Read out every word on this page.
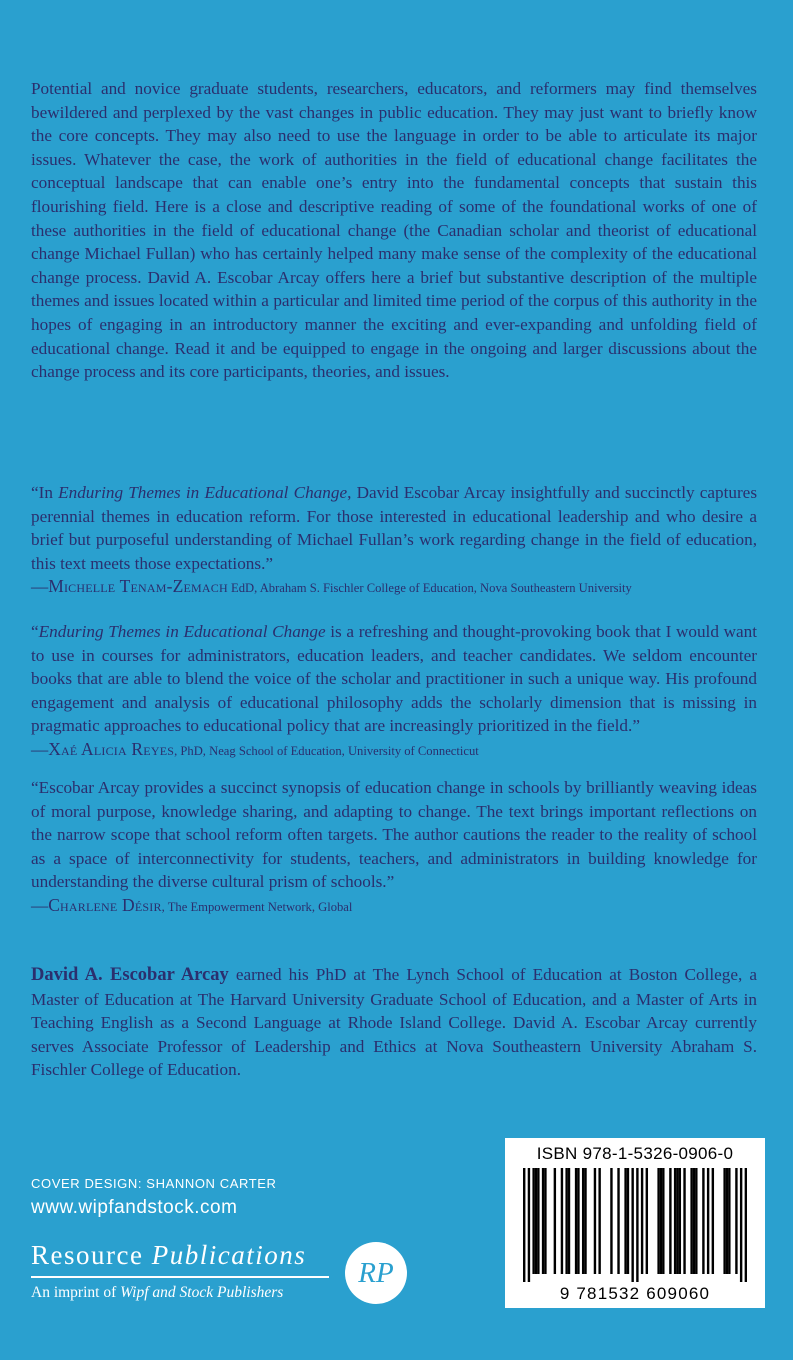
Potential and novice graduate students, researchers, educators, and reformers may find themselves bewildered and perplexed by the vast changes in public education. They may just want to briefly know the core concepts. They may also need to use the language in order to be able to articulate its major issues. Whatever the case, the work of authorities in the field of educational change facilitates the conceptual landscape that can enable one’s entry into the fundamental concepts that sustain this flourishing field. Here is a close and descriptive reading of some of the foundational works of one of these authorities in the field of educational change (the Canadian scholar and theorist of educational change Michael Fullan) who has certainly helped many make sense of the complexity of the educational change process. David A. Escobar Arcay offers here a brief but substantive description of the multiple themes and issues located within a particular and limited time period of the corpus of this authority in the hopes of engaging in an introductory manner the exciting and ever-expanding and unfolding field of educational change. Read it and be equipped to engage in the ongoing and larger discussions about the change process and its core participants, theories, and issues.

“In Enduring Themes in Educational Change, David Escobar Arcay insightfully and succinctly captures perennial themes in education reform. For those interested in educational leadership and who desire a brief but purposeful understanding of Michael Fullan’s work regarding change in the field of education, this text meets those expectations.”

—Michelle Tenam-Zemach EdD, Abraham S. Fischler College of Education, Nova Southeastern University

“Enduring Themes in Educational Change is a refreshing and thought-provoking book that I would want to use in courses for administrators, education leaders, and teacher candidates. We seldom encounter books that are able to blend the voice of the scholar and practitioner in such a unique way. His profound engagement and analysis of educational philosophy adds the scholarly dimension that is missing in pragmatic approaches to educational policy that are increasingly prioritized in the field.”

—Xaé Alicia Reyes, PhD, Neag School of Education, University of Connecticut

“Escobar Arcay provides a succinct synopsis of education change in schools by brilliantly weaving ideas of moral purpose, knowledge sharing, and adapting to change. The text brings important reflections on the narrow scope that school reform often targets. The author cautions the reader to the reality of school as a space of interconnectivity for students, teachers, and administrators in building knowledge for understanding the diverse cultural prism of schools.”

—Charlene Désir, The Empowerment Network, Global

David A. Escobar Arcay earned his PhD at The Lynch School of Education at Boston College, a Master of Education at The Harvard University Graduate School of Education, and a Master of Arts in Teaching English as a Second Language at Rhode Island College. David A. Escobar Arcay currently serves Associate Professor of Leadership and Ethics at Nova Southeastern University Abraham S. Fischler College of Education.

COVER DESIGN: SHANNON CARTER
www.wipfandstock.com
Resource Publications
An imprint of Wipf and Stock Publishers
RP
ISBN 978-1-5326-0906-0
9 781532 609060
